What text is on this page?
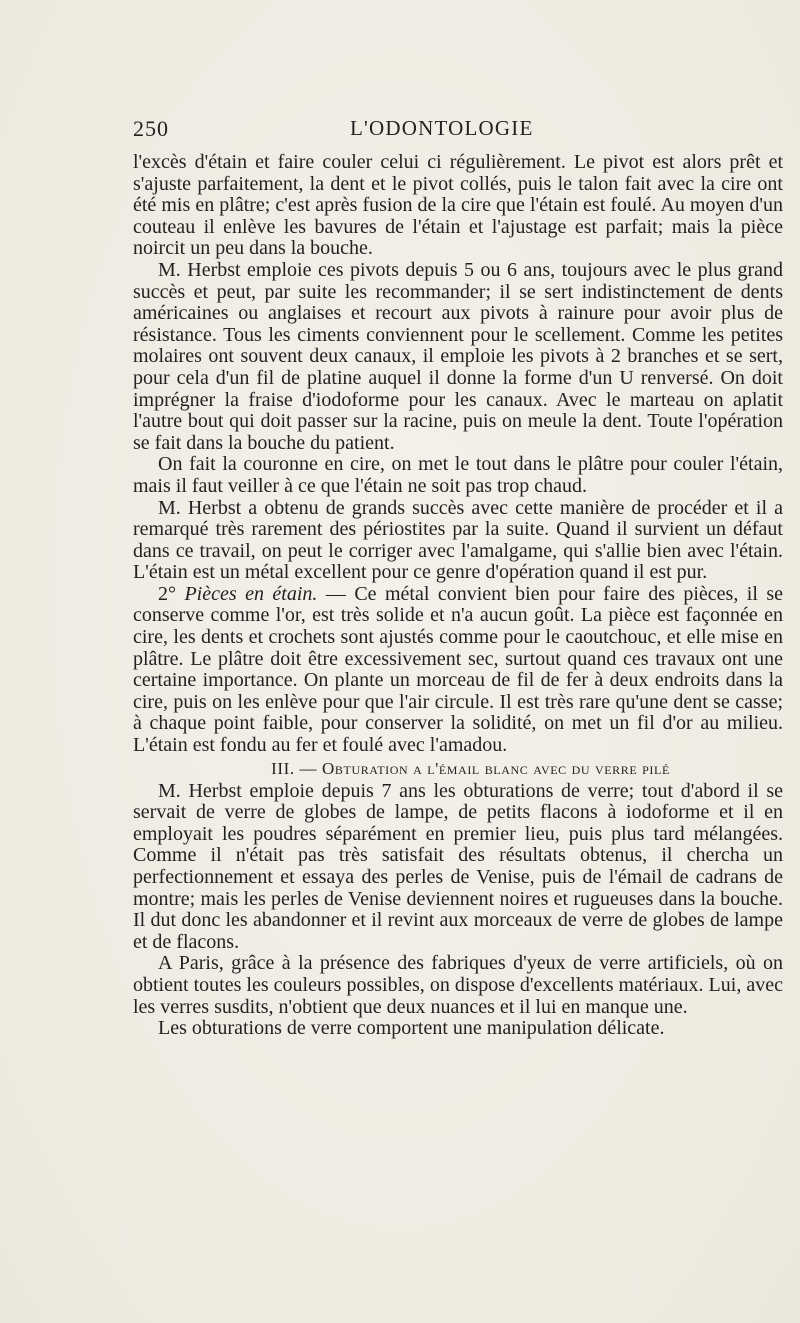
250	L'ODONTOLOGIE

l'excès d'étain et faire couler celui ci régulièrement. Le pivot est alors prêt et s'ajuste parfaitement, la dent et le pivot collés, puis le talon fait avec la cire ont été mis en plâtre; c'est après fusion de la cire que l'étain est foulé. Au moyen d'un couteau il enlève les bavures de l'étain et l'ajustage est parfait; mais la pièce noircit un peu dans la bouche.

M. Herbst emploie ces pivots depuis 5 ou 6 ans, toujours avec le plus grand succès et peut, par suite les recommander; il se sert indistinctement de dents américaines ou anglaises et recourt aux pivots à rainure pour avoir plus de résistance. Tous les ciments conviennent pour le scellement. Comme les petites molaires ont souvent deux canaux, il emploie les pivots à 2 branches et se sert, pour cela d'un fil de platine auquel il donne la forme d'un U renversé. On doit imprégner la fraise d'iodoforme pour les canaux. Avec le marteau on aplatit l'autre bout qui doit passer sur la racine, puis on meule la dent. Toute l'opération se fait dans la bouche du patient.

On fait la couronne en cire, on met le tout dans le plâtre pour couler l'étain, mais il faut veiller à ce que l'étain ne soit pas trop chaud.

M. Herbst a obtenu de grands succès avec cette manière de procéder et il a remarqué très rarement des périostites par la suite. Quand il survient un défaut dans ce travail, on peut le corriger avec l'amalgame, qui s'allie bien avec l'étain. L'étain est un métal excellent pour ce genre d'opération quand il est pur.

2° Pièces en étain. — Ce métal convient bien pour faire des pièces, il se conserve comme l'or, est très solide et n'a aucun goût. La pièce est façonnée en cire, les dents et crochets sont ajustés comme pour le caoutchouc, et elle mise en plâtre. Le plâtre doit être excessivement sec, surtout quand ces travaux ont une certaine importance. On plante un morceau de fil de fer à deux endroits dans la cire, puis on les enlève pour que l'air circule. Il est très rare qu'une dent se casse; à chaque point faible, pour conserver la solidité, on met un fil d'or au milieu. L'étain est fondu au fer et foulé avec l'amadou.

III. — Obturation a l'émail blanc avec du verre pilé

M. Herbst emploie depuis 7 ans les obturations de verre; tout d'abord il se servait de verre de globes de lampe, de petits flacons à iodoforme et il en employait les poudres séparément en premier lieu, puis plus tard mélangées. Comme il n'était pas très satisfait des résultats obtenus, il chercha un perfectionnement et essaya des perles de Venise, puis de l'émail de cadrans de montre; mais les perles de Venise deviennent noires et rugueuses dans la bouche. Il dut donc les abandonner et il revint aux morceaux de verre de globes de lampe et de flacons.

A Paris, grâce à la présence des fabriques d'yeux de verre artificiels, où on obtient toutes les couleurs possibles, on dispose d'excellents matériaux. Lui, avec les verres susdits, n'obtient que deux nuances et il lui en manque une.

Les obturations de verre comportent une manipulation délicate.
